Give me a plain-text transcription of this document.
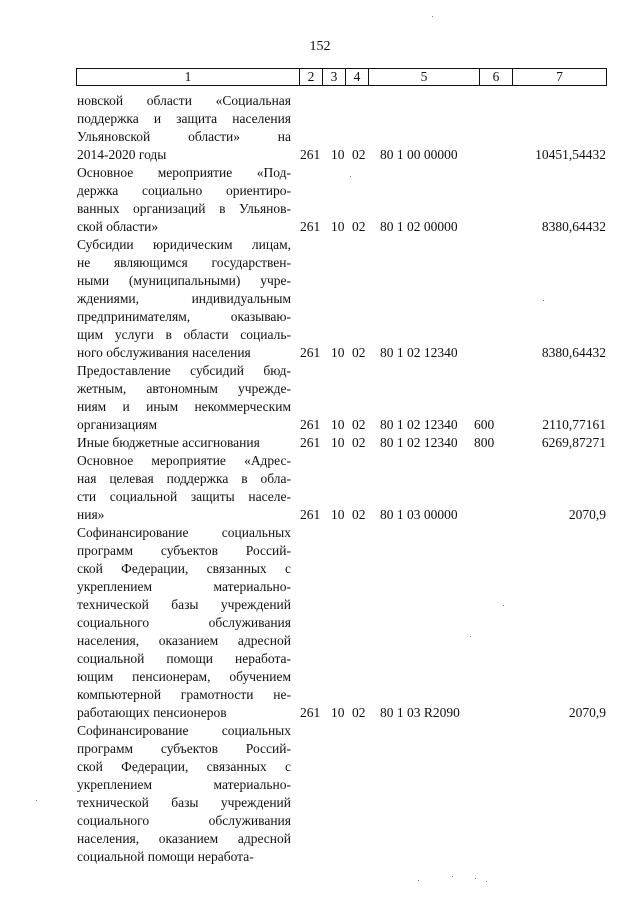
152
1	2	3	4	5	6	7
новской области «Социальная
поддержка и защита населения
Ульяновской области» на
2014-2020 годы	261 10 02 80 1 00 00000	10451,54432
Основное мероприятие «Под-
держка социально ориентиро-
ванных организаций в Ульянов-
ской области»	261 10 02 80 1 02 00000	8380,64432
Субсидии юридическим лицам,
не являющимся государствен-
ными (муниципальными) учре-
ждениями, индивидуальным
предпринимателям, оказываю-
щим услуги в области социаль-
ного обслуживания населения	261 10 02 80 1 02 12340	8380,64432
Предоставление субсидий бюд-
жетным, автономным учрежде-
ниям и иным некоммерческим
организациям	261 10 02 80 1 02 12340 600	2110,77161
Иные бюджетные ассигнования	261 10 02 80 1 02 12340 800	6269,87271
Основное мероприятие «Адрес-
ная целевая поддержка в обла-
сти социальной защиты населе-
ния»	261 10 02 80 1 03 00000	2070,9
Софинансирование социальных
программ субъектов Россий-
ской Федерации, связанных с
укреплением материально-
технической базы учреждений
социального обслуживания
населения, оказанием адресной
социальной помощи неработа-
ющим пенсионерам, обучением
компьютерной грамотности не-
работающих пенсионеров	261 10 02 80 1 03 R2090	2070,9
Софинансирование социальных
программ субъектов Россий-
ской Федерации, связанных с
укреплением материально-
технической базы учреждений
социального обслуживания
населения, оказанием адресной
социальной помощи неработа-
